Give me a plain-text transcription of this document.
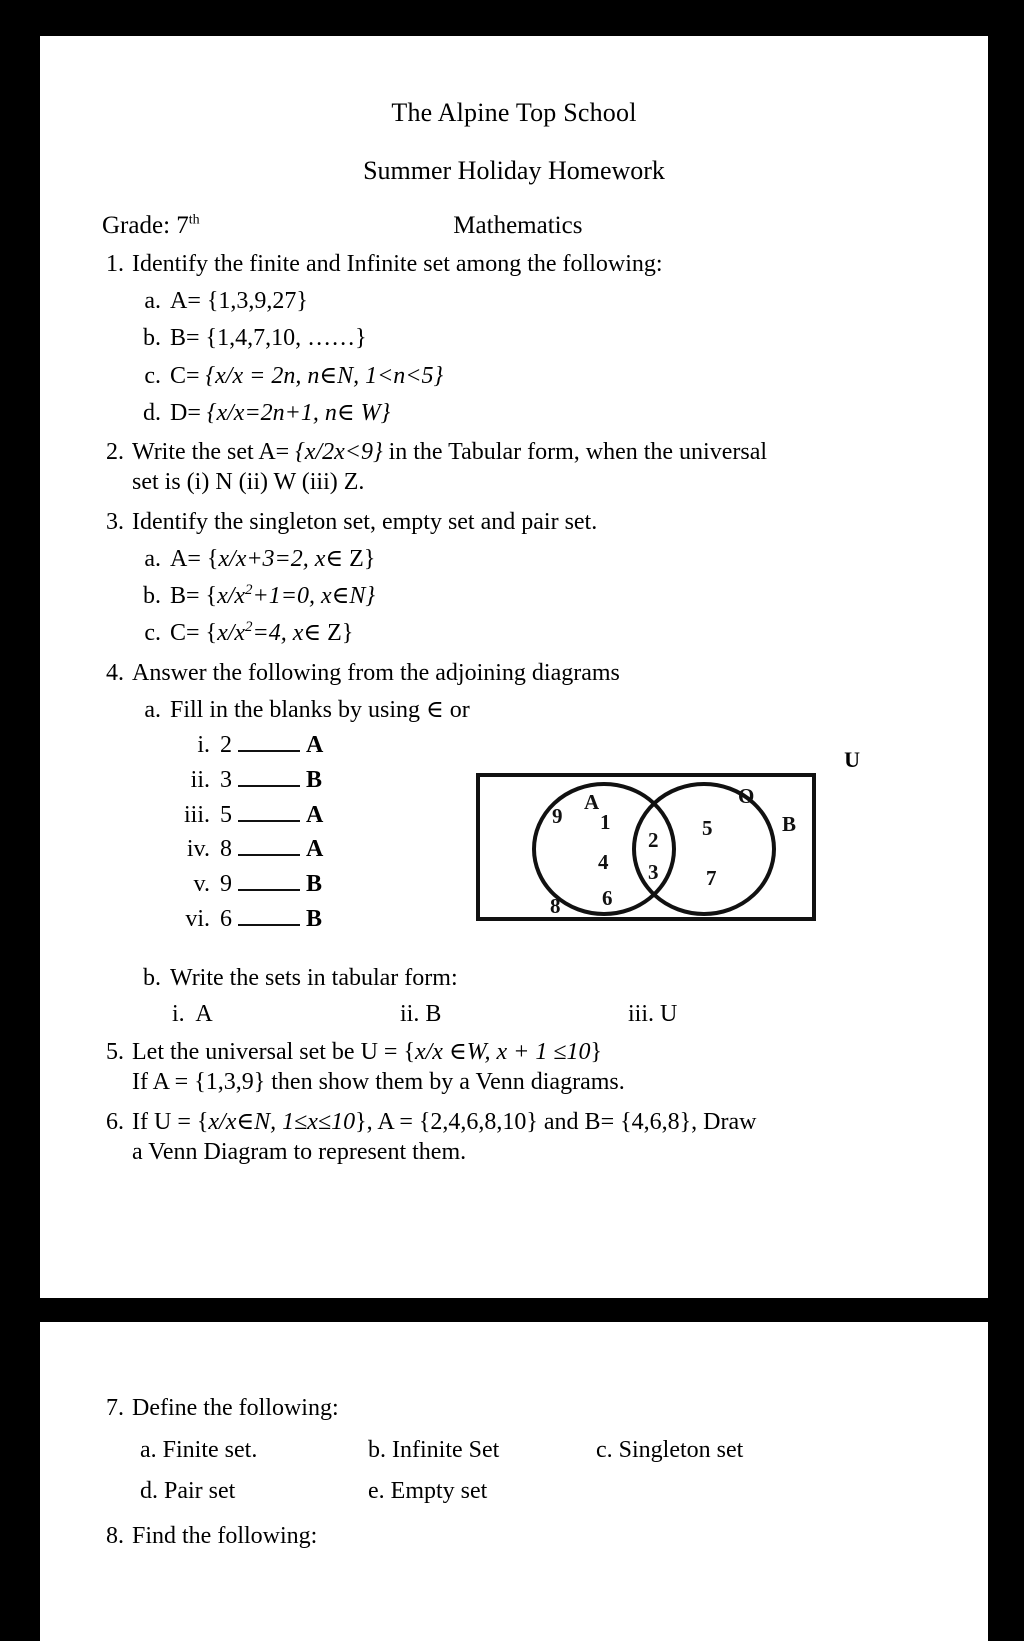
The Alpine Top School
Summer Holiday Homework
Grade: 7th	Mathematics
1. Identify the finite and Infinite set among the following:
a. A= {1,3,9,27}
b. B= {1,4,7,10, ……}
c. C= {x/x = 2n, n∈N, 1<n<5}
d. D= {x/x=2n+1, n∈ W}
2. Write the set A= {x/2x<9} in the Tabular form, when the universal
set is (i) N (ii) W (iii) Z.
3. Identify the singleton set, empty set and pair set.
a. A= {x/x+3=2, x∈ Z}
b. $B= \{x/x^2+1=0$, x∈N}
c. $C= \{x/x^2=4$, x∈ Z}
4. Answer the following from the adjoining diagrams
a. Fill in the blanks by using ∈ or
i. 2	A
ii. 3	B
iii. 5	A
iv. 8	A
v. 9	B
vi. 6	B
U
9
8
A	O
B
1
4
6
2
3
5
7
b. Write the sets in tabular form:
i. A	ii. B	iii. U
5. Let the universal set be U = {x/x ∈W, x + 1 ≤10}
If A = {1,3,9} then show them by a Venn diagrams.
6. If U = {x/x∈N, 1≤x≤10}, A = {2,4,6,8,10} and B= {4,6,8}, Draw
a Venn Diagram to represent them.
7. Define the following:
a. Finite set.	b. Infinite Set	c. Singleton set
d. Pair set	e. Empty set
8. Find the following:
